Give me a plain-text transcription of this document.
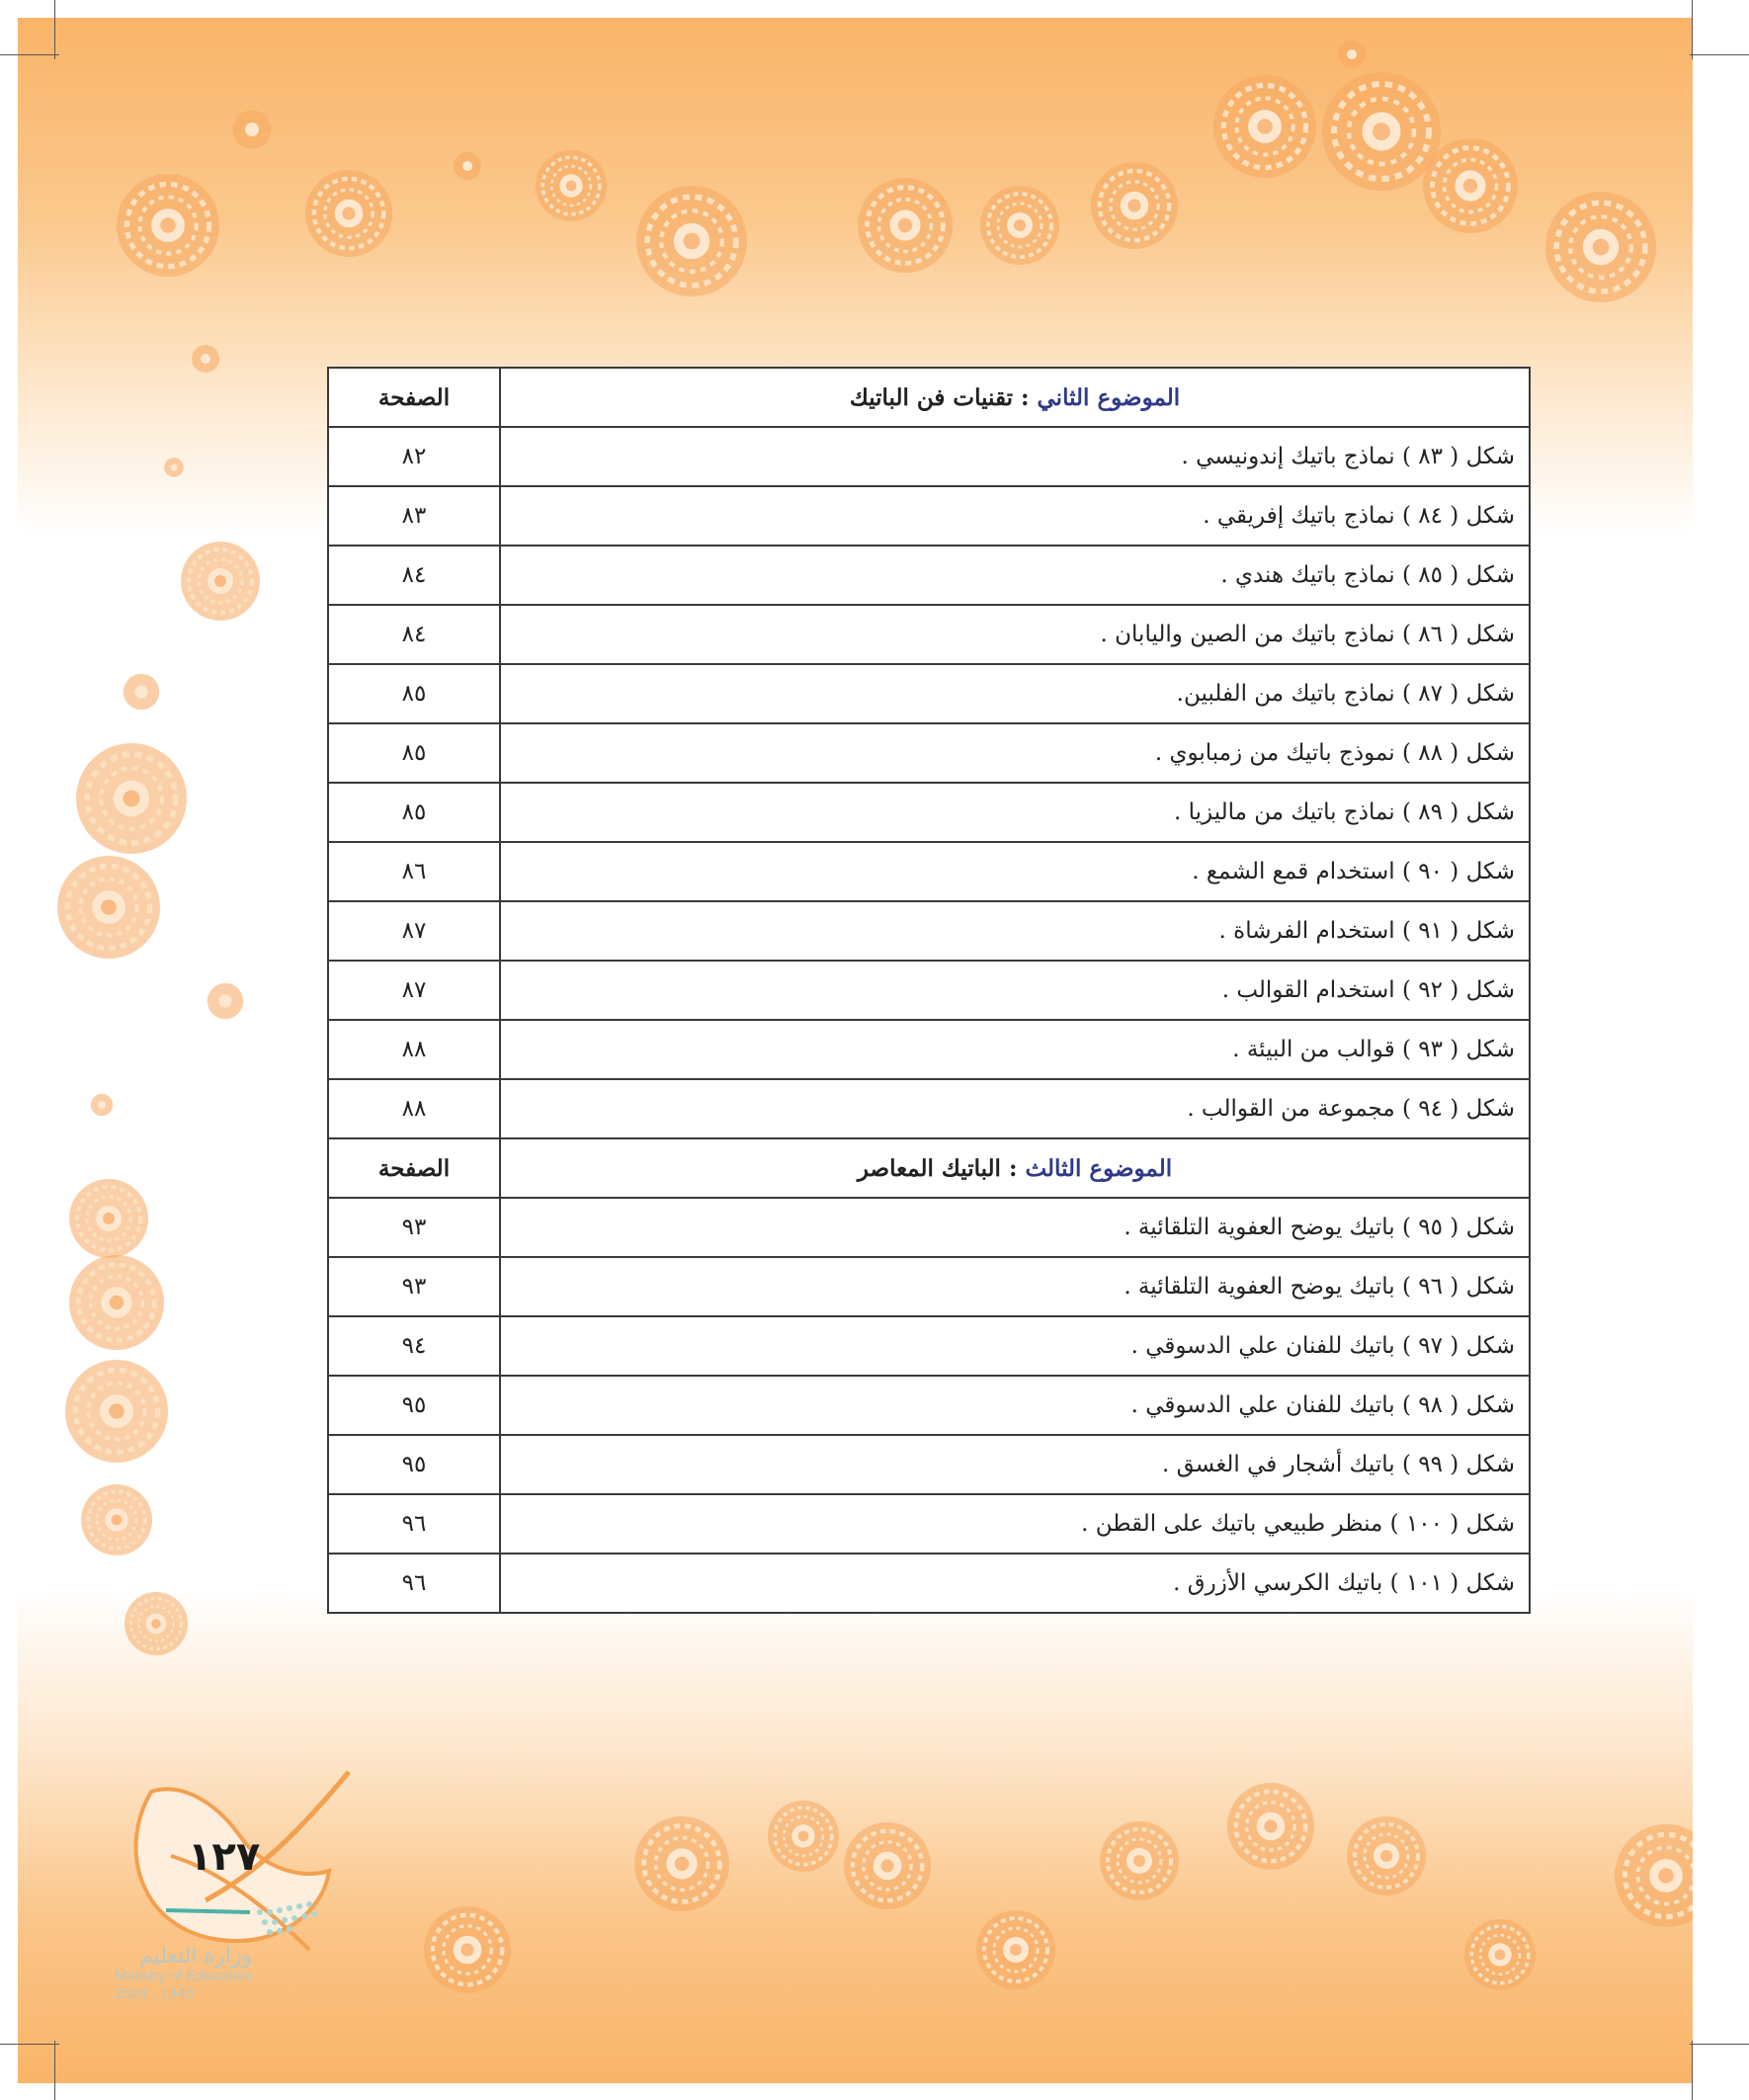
الموضوع الثاني : تقنيات فن الباتيك	الصفحة
شكل ( ٨٣ ) نماذج باتيك إندونيسي .	٨٢
شكل ( ٨٤ ) نماذج باتيك إفريقي .	٨٣
شكل ( ٨٥ ) نماذج باتيك هندي .	٨٤
شكل ( ٨٦ ) نماذج باتيك من الصين واليابان .	٨٤
شكل ( ٨٧ ) نماذج باتيك من الفلبين.	٨٥
شكل ( ٨٨ ) نموذج باتيك من زمبابوي .	٨٥
شكل ( ٨٩ ) نماذج باتيك من ماليزيا .	٨٥
شكل ( ٩٠ ) استخدام قمع الشمع .	٨٦
شكل ( ٩١ ) استخدام الفرشاة .	٨٧
شكل ( ٩٢ ) استخدام القوالب .	٨٧
شكل ( ٩٣ ) قوالب من البيئة .	٨٨
شكل ( ٩٤ ) مجموعة من القوالب .	٨٨
الموضوع الثالث : الباتيك المعاصر	الصفحة
شكل ( ٩٥ ) باتيك يوضح العفوية التلقائية .	٩٣
شكل ( ٩٦ ) باتيك يوضح العفوية التلقائية .	٩٣
شكل ( ٩٧ ) باتيك للفنان علي الدسوقي .	٩٤
شكل ( ٩٨ ) باتيك للفنان علي الدسوقي .	٩٥
شكل ( ٩٩ ) باتيك أشجار في الغسق .	٩٥
شكل ( ١٠٠ ) منظر طبيعي باتيك على القطن .	٩٦
شكل ( ١٠١ ) باتيك الكرسي الأزرق .	٩٦
١٢٧
وزارة التعليم
Ministry of Education
2024 - 1446
